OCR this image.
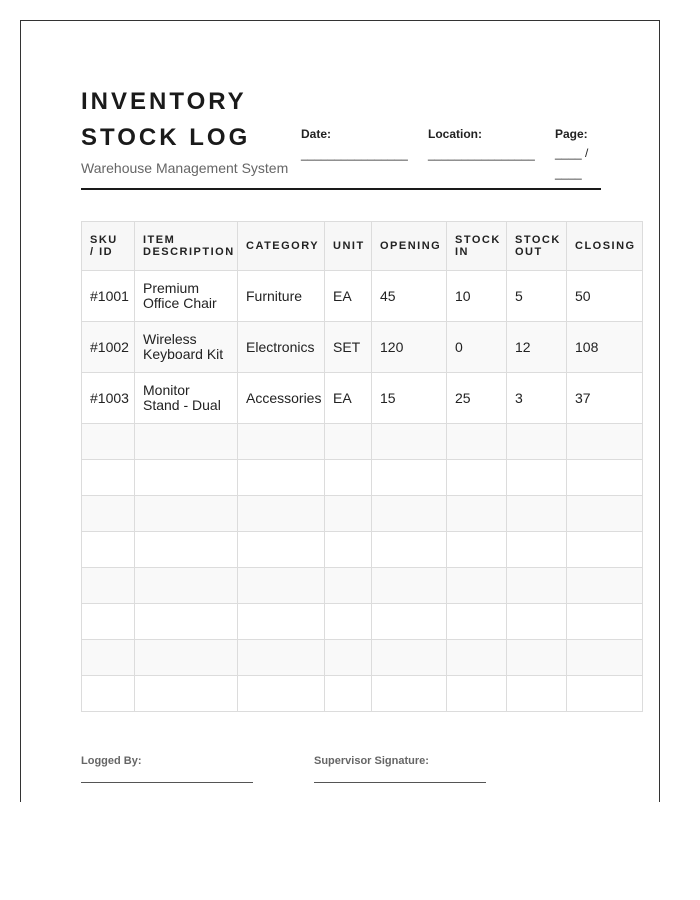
INVENTORY
STOCK LOG
Warehouse Management System
Date:
________________
Location:
________________
Page:
____ / ____
SKU / ID	ITEM DESCRIPTION	CATEGORY	UNIT	OPENING	STOCK IN	STOCK OUT	CLOSING
#1001	Premium Office Chair	Furniture	EA	45	10	5	50
#1002	Wireless Keyboard Kit	Electronics	SET	120	0	12	108
#1003	Monitor Stand - Dual	Accessories	EA	15	25	3	37

Logged By:	Supervisor Signature:
